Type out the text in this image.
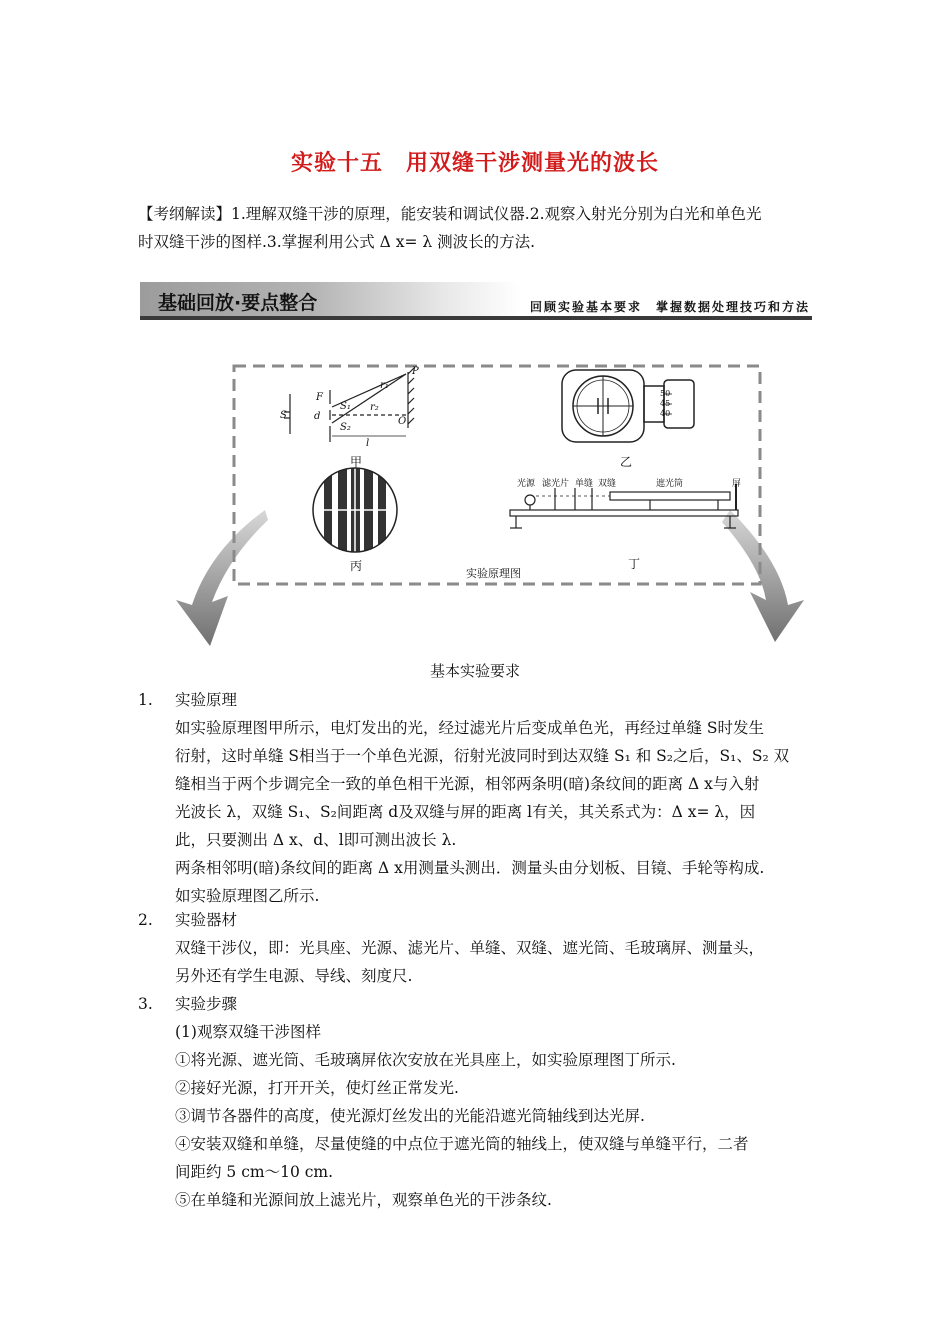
实验十五　用双缝干涉测量光的波长

【考纲解读】1.理解双缝干涉的原理，能安装和调试仪器.2.观察入射光分别为白光和单色光

时双缝干涉的图样.3.掌握利用公式 Δ x= λ 测波长的方法.

基础回放·要点整合	回顾实验基本要求　掌握数据处理技巧和方法
S
F
d
S₁
S₂
r₁
r₂
P
O
l
甲
丙
50
45
40
乙
光源 滤光片 单缝 双缝	遮光筒	屏
丁
实验原理图
基本实验要求
1. 实验原理

如实验原理图甲所示，电灯发出的光，经过滤光片后变成单色光，再经过单缝 S时发生

衍射，这时单缝 S相当于一个单色光源，衍射光波同时到达双缝 S₁ 和 S₂之后，S₁、S₂ 双

缝相当于两个步调完全一致的单色相干光源，相邻两条明(暗)条纹间的距离 Δ x与入射

光波长 λ，双缝 S₁、S₂间距离 d及双缝与屏的距离 l有关，其关系式为：Δ x= λ，因

此，只要测出 Δ x、d、l即可测出波长 λ.

两条相邻明(暗)条纹间的距离 Δ x用测量头测出．测量头由分划板、目镜、手轮等构成.

如实验原理图乙所示.

2. 实验器材

双缝干涉仪，即：光具座、光源、滤光片、单缝、双缝、遮光筒、毛玻璃屏、测量头，

另外还有学生电源、导线、刻度尺.

3. 实验步骤

(1)观察双缝干涉图样

①将光源、遮光筒、毛玻璃屏依次安放在光具座上，如实验原理图丁所示.

②接好光源，打开开关，使灯丝正常发光.

③调节各器件的高度，使光源灯丝发出的光能沿遮光筒轴线到达光屏.

④安装双缝和单缝，尽量使缝的中点位于遮光筒的轴线上，使双缝与单缝平行，二者

间距约 5 cm～10 cm.

⑤在单缝和光源间放上滤光片，观察单色光的干涉条纹.
